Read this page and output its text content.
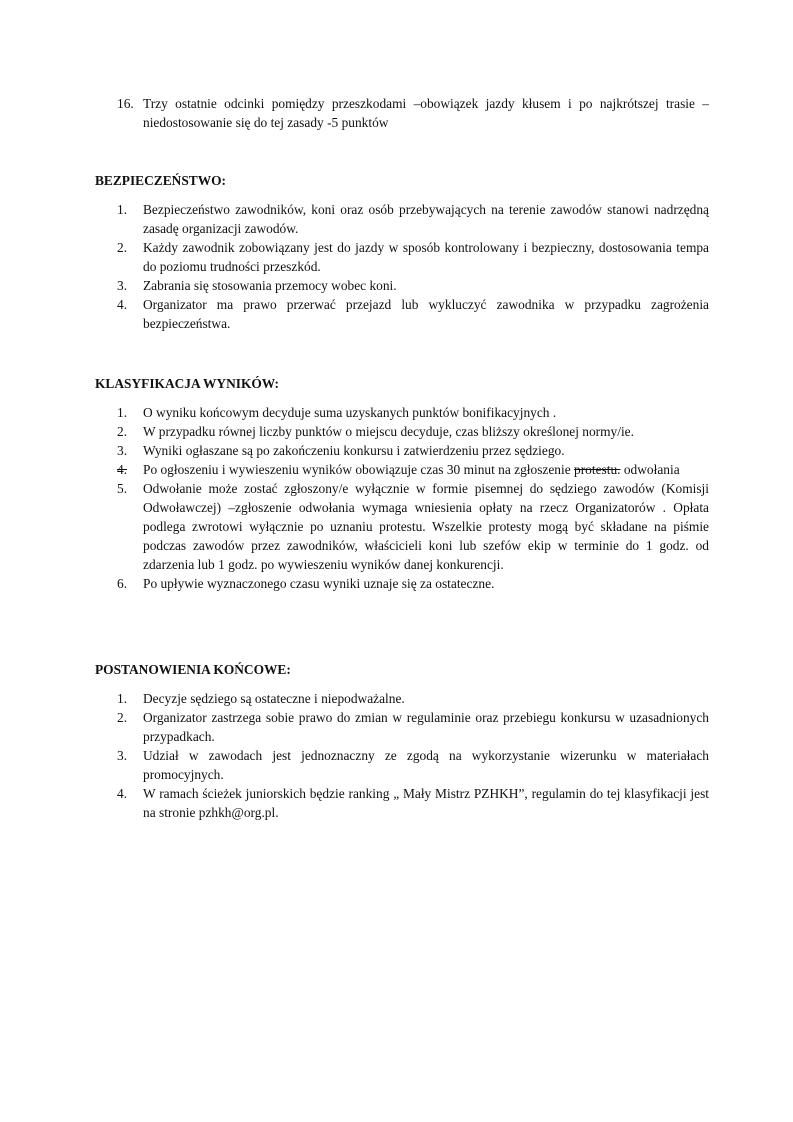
16. Trzy ostatnie odcinki pomiędzy przeszkodami –obowiązek jazdy kłusem i po najkrótszej trasie – niedostosowanie się do tej zasady -5 punktów
BEZPIECZEŃSTWO:
1.	Bezpieczeństwo zawodników, koni oraz osób przebywających na terenie zawodów stanowi nadrzędną zasadę organizacji zawodów.
2.	Każdy zawodnik zobowiązany jest do jazdy w sposób kontrolowany i bezpieczny, dostosowania tempa do poziomu trudności przeszkód.
3.	Zabrania się stosowania przemocy wobec koni.
4.	Organizator ma prawo przerwać przejazd lub wykluczyć zawodnika w przypadku zagrożenia bezpieczeństwa.
KLASYFIKACJA WYNIKÓW:
1.	O wyniku końcowym decyduje suma uzyskanych punktów bonifikacyjnych .
2.	W przypadku równej liczby punktów o miejscu decyduje, czas bliższy określonej normy/ie.
3.	Wyniki ogłaszane są po zakończeniu konkursu i zatwierdzeniu przez sędziego.
4.	Po ogłoszeniu i wywieszeniu wyników obowiązuje czas 30 minut na zgłoszenie protestu. odwołania
5.	Odwołanie może zostać zgłoszony/e wyłącznie w formie pisemnej do sędziego zawodów (Komisji Odwoławczej) –zgłoszenie odwołania wymaga wniesienia opłaty na rzecz Organizatorów . Opłata podlega zwrotowi wyłącznie po uznaniu protestu. Wszelkie protesty mogą być składane na piśmie podczas zawodów przez zawodników, właścicieli koni lub szefów ekip w terminie do 1 godz. od zdarzenia lub 1 godz. po wywieszeniu wyników danej konkurencji.
6.	Po upływie wyznaczonego czasu wyniki uznaje się za ostateczne.
POSTANOWIENIA KOŃCOWE:
1.	Decyzje sędziego są ostateczne i niepodważalne.
2.	Organizator zastrzega sobie prawo do zmian w regulaminie oraz przebiegu konkursu w uzasadnionych przypadkach.
3.	Udział w zawodach jest jednoznaczny ze zgodą na wykorzystanie wizerunku w materiałach promocyjnych.
4.	W ramach ścieżek juniorskich będzie ranking „ Mały Mistrz PZHKH”, regulamin do tej klasyfikacji jest na stronie pzhkh@org.pl.
